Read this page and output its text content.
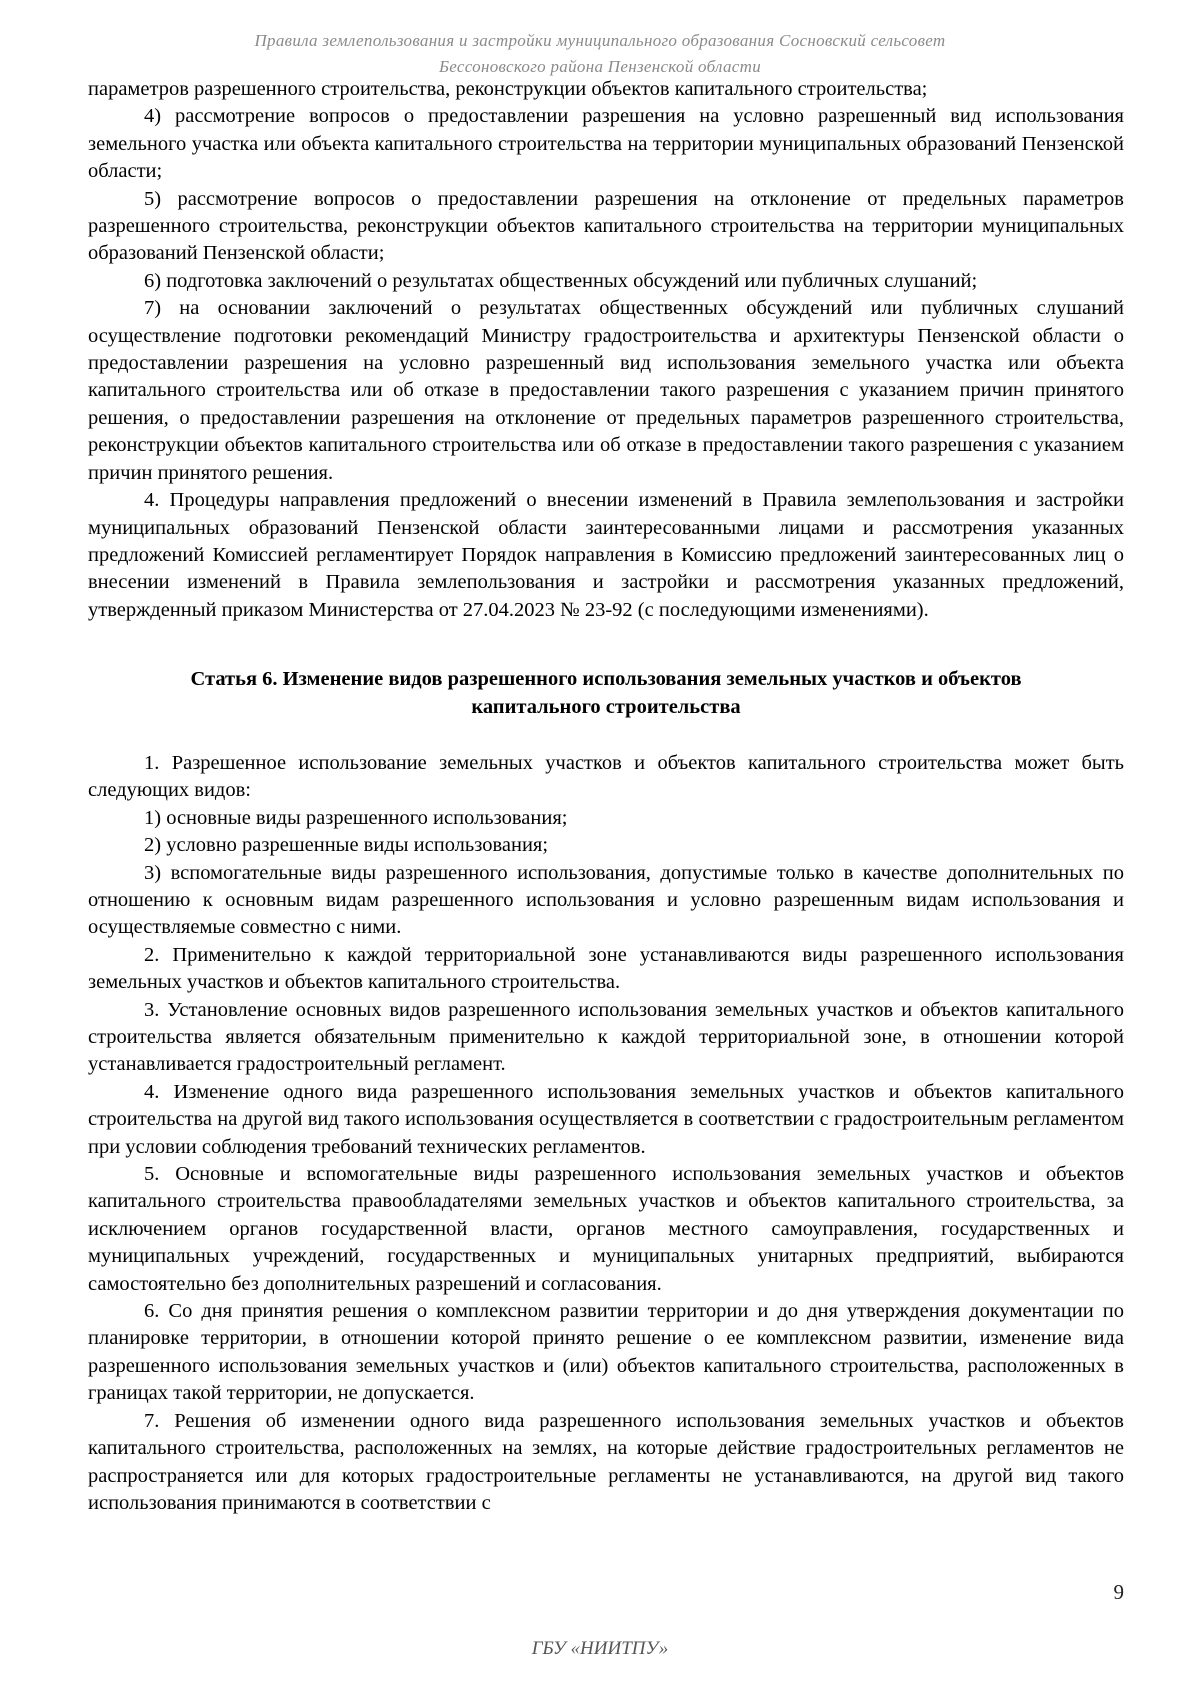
Правила землепользования и застройки муниципального образования Сосновский сельсовет
Бессоновского района Пензенской области

параметров разрешенного строительства, реконструкции объектов капитального строительства;

4) рассмотрение вопросов о предоставлении разрешения на условно разрешенный вид использования земельного участка или объекта капитального строительства на территории муниципальных образований Пензенской области;

5) рассмотрение вопросов о предоставлении разрешения на отклонение от предельных параметров разрешенного строительства, реконструкции объектов капитального строительства на территории муниципальных образований Пензенской области;

6) подготовка заключений о результатах общественных обсуждений или публичных слушаний;

7) на основании заключений о результатах общественных обсуждений или публичных слушаний осуществление подготовки рекомендаций Министру градостроительства и архитектуры Пензенской области о предоставлении разрешения на условно разрешенный вид использования земельного участка или объекта капитального строительства или об отказе в предоставлении такого разрешения с указанием причин принятого решения, о предоставлении разрешения на отклонение от предельных параметров разрешенного строительства, реконструкции объектов капитального строительства или об отказе в предоставлении такого разрешения с указанием причин принятого решения.

4. Процедуры направления предложений о внесении изменений в Правила землепользования и застройки муниципальных образований Пензенской области заинтересованными лицами и рассмотрения указанных предложений Комиссией регламентирует Порядок направления в Комиссию предложений заинтересованных лиц о внесении изменений в Правила землепользования и застройки и рассмотрения указанных предложений, утвержденный приказом Министерства от 27.04.2023 № 23-92 (с последующими изменениями).

Статья 6. Изменение видов разрешенного использования земельных участков и объектов капитального строительства

1. Разрешенное использование земельных участков и объектов капитального строительства может быть следующих видов:

1) основные виды разрешенного использования;

2) условно разрешенные виды использования;

3) вспомогательные виды разрешенного использования, допустимые только в качестве дополнительных по отношению к основным видам разрешенного использования и условно разрешенным видам использования и осуществляемые совместно с ними.

2. Применительно к каждой территориальной зоне устанавливаются виды разрешенного использования земельных участков и объектов капитального строительства.

3. Установление основных видов разрешенного использования земельных участков и объектов капитального строительства является обязательным применительно к каждой территориальной зоне, в отношении которой устанавливается градостроительный регламент.

4. Изменение одного вида разрешенного использования земельных участков и объектов капитального строительства на другой вид такого использования осуществляется в соответствии с градостроительным регламентом при условии соблюдения требований технических регламентов.

5. Основные и вспомогательные виды разрешенного использования земельных участков и объектов капитального строительства правообладателями земельных участков и объектов капитального строительства, за исключением органов государственной власти, органов местного самоуправления, государственных и муниципальных учреждений, государственных и муниципальных унитарных предприятий, выбираются самостоятельно без дополнительных разрешений и согласования.

6. Со дня принятия решения о комплексном развитии территории и до дня утверждения документации по планировке территории, в отношении которой принято решение о ее комплексном развитии, изменение вида разрешенного использования земельных участков и (или) объектов капитального строительства, расположенных в границах такой территории, не допускается.

7. Решения об изменении одного вида разрешенного использования земельных участков и объектов капитального строительства, расположенных на землях, на которые действие градостроительных регламентов не распространяется или для которых градостроительные регламенты не устанавливаются, на другой вид такого использования принимаются в соответствии с

9
ГБУ «НИИТПУ»
